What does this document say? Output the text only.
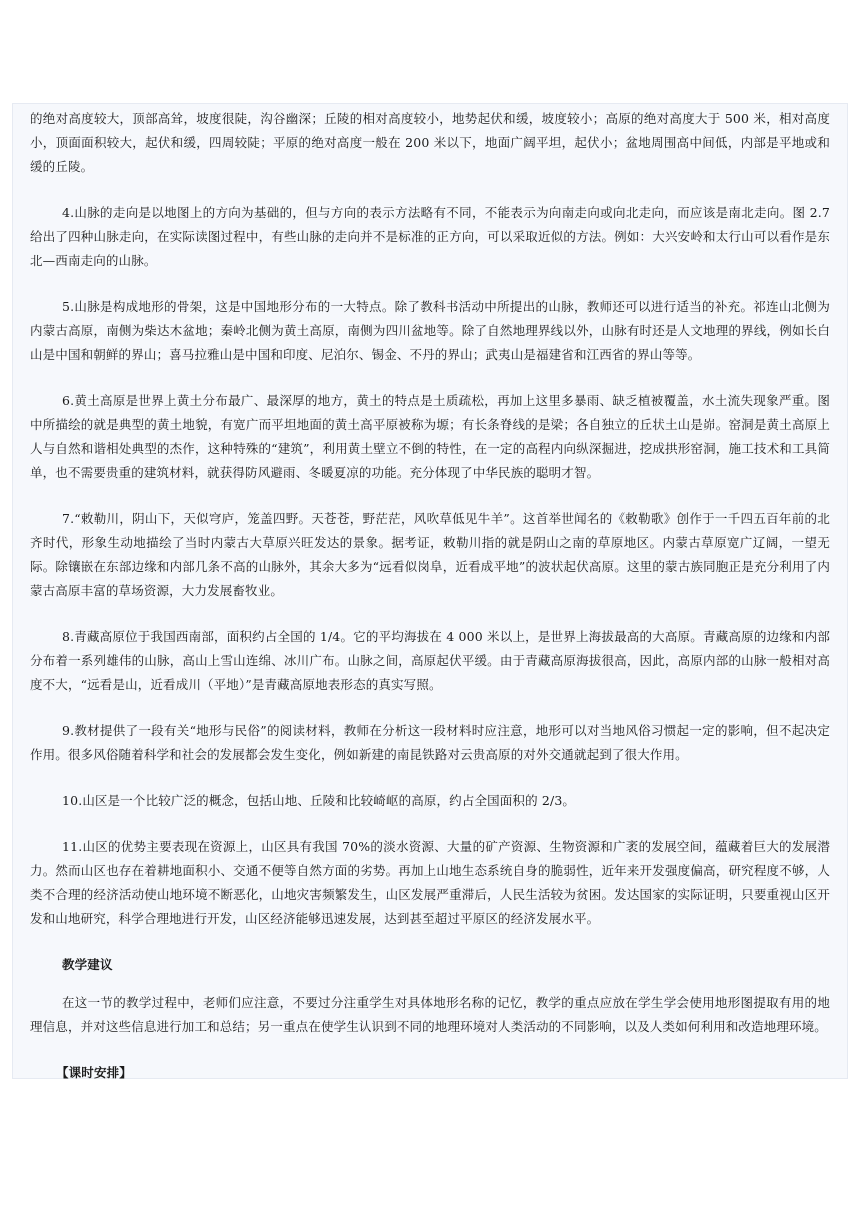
的绝对高度较大，顶部高耸，坡度很陡，沟谷幽深；丘陵的相对高度较小，地势起伏和缓，坡度较小；高原的绝对高度大于 500 米，相对高度小，顶面面积较大，起伏和缓，四周较陡；平原的绝对高度一般在 200 米以下，地面广阔平坦，起伏小；盆地周围高中间低，内部是平地或和缓的丘陵。

4.山脉的走向是以地图上的方向为基础的，但与方向的表示方法略有不同，不能表示为向南走向或向北走向，而应该是南北走向。图 2.7 给出了四种山脉走向，在实际读图过程中，有些山脉的走向并不是标准的正方向，可以采取近似的方法。例如：大兴安岭和太行山可以看作是东北—西南走向的山脉。

5.山脉是构成地形的骨架，这是中国地形分布的一大特点。除了教科书活动中所提出的山脉，教师还可以进行适当的补充。祁连山北侧为内蒙古高原，南侧为柴达木盆地；秦岭北侧为黄土高原，南侧为四川盆地等。除了自然地理界线以外，山脉有时还是人文地理的界线，例如长白山是中国和朝鲜的界山；喜马拉雅山是中国和印度、尼泊尔、锡金、不丹的界山；武夷山是福建省和江西省的界山等等。

6.黄土高原是世界上黄土分布最广、最深厚的地方，黄土的特点是土质疏松，再加上这里多暴雨、缺乏植被覆盖，水土流失现象严重。图中所描绘的就是典型的黄土地貌，有宽广而平坦地面的黄土高平原被称为塬；有长条脊线的是梁；各自独立的丘状土山是峁。窑洞是黄土高原上人与自然和谐相处典型的杰作，这种特殊的“建筑”，利用黄土壁立不倒的特性，在一定的高程内向纵深掘进，挖成拱形窑洞，施工技术和工具简单，也不需要贵重的建筑材料，就获得防风避雨、冬暖夏凉的功能。充分体现了中华民族的聪明才智。

7.“敕勒川，阴山下，天似穹庐，笼盖四野。天苍苍，野茫茫，风吹草低见牛羊”。这首举世闻名的《敕勒歌》创作于一千四五百年前的北齐时代，形象生动地描绘了当时内蒙古大草原兴旺发达的景象。据考证，敕勒川指的就是阴山之南的草原地区。内蒙古草原宽广辽阔，一望无际。除镶嵌在东部边缘和内部几条不高的山脉外，其余大多为“远看似岗阜，近看成平地”的波状起伏高原。这里的蒙古族同胞正是充分利用了内蒙古高原丰富的草场资源，大力发展畜牧业。

8.青藏高原位于我国西南部，面积约占全国的 1/4。它的平均海拔在 4 000 米以上，是世界上海拔最高的大高原。青藏高原的边缘和内部分布着一系列雄伟的山脉，高山上雪山连绵、冰川广布。山脉之间，高原起伏平缓。由于青藏高原海拔很高，因此，高原内部的山脉一般相对高度不大，“远看是山，近看成川（平地）”是青藏高原地表形态的真实写照。

9.教材提供了一段有关“地形与民俗”的阅读材料，教师在分析这一段材料时应注意，地形可以对当地风俗习惯起一定的影响，但不起决定作用。很多风俗随着科学和社会的发展都会发生变化，例如新建的南昆铁路对云贵高原的对外交通就起到了很大作用。

10.山区是一个比较广泛的概念，包括山地、丘陵和比较崎岖的高原，约占全国面积的 2/3。

11.山区的优势主要表现在资源上，山区具有我国 70%的淡水资源、大量的矿产资源、生物资源和广袤的发展空间，蕴藏着巨大的发展潜力。然而山区也存在着耕地面积小、交通不便等自然方面的劣势。再加上山地生态系统自身的脆弱性，近年来开发强度偏高，研究程度不够，人类不合理的经济活动使山地环境不断恶化，山地灾害频繁发生，山区发展严重滞后，人民生活较为贫困。发达国家的实际证明，只要重视山区开发和山地研究，科学合理地进行开发，山区经济能够迅速发展，达到甚至超过平原区的经济发展水平。

教学建议

在这一节的教学过程中，老师们应注意，不要过分注重学生对具体地形名称的记忆，教学的重点应放在学生学会使用地形图提取有用的地理信息，并对这些信息进行加工和总结；另一重点在使学生认识到不同的地理环境对人类活动的不同影响，以及人类如何利用和改造地理环境。

【课时安排】
